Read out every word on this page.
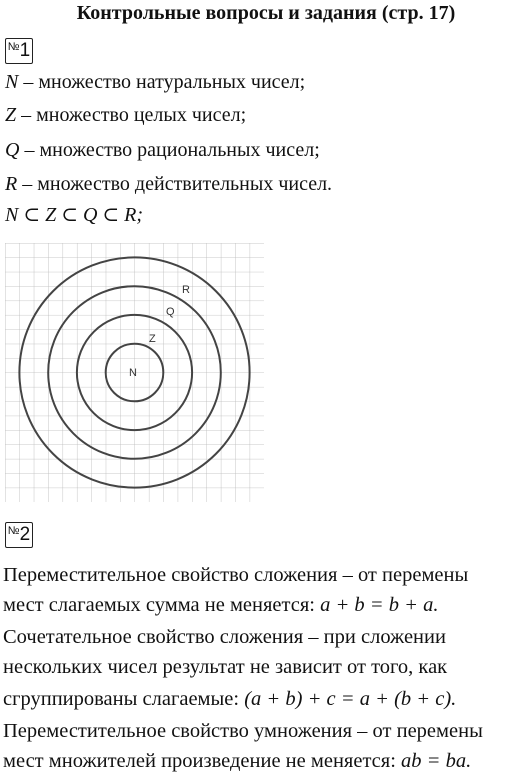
Контрольные вопросы и задания (стр. 17)
№1
N – множество натуральных чисел;
Z – множество целых чисел;
Q – множество рациональных чисел;
R – множество действительных чисел.
N ⊂ Z ⊂ Q ⊂ R;
N
Z
Q
R
№2
Переместительное свойство сложения – от перемены
мест слагаемых сумма не меняется: a + b = b + a.
Сочетательное свойство сложения – при сложении
нескольких чисел результат не зависит от того, как
сгруппированы слагаемые: (a + b) + c = a + (b + c).
Переместительное свойство умножения – от перемены
мест множителей произведение не меняется: ab = ba.
